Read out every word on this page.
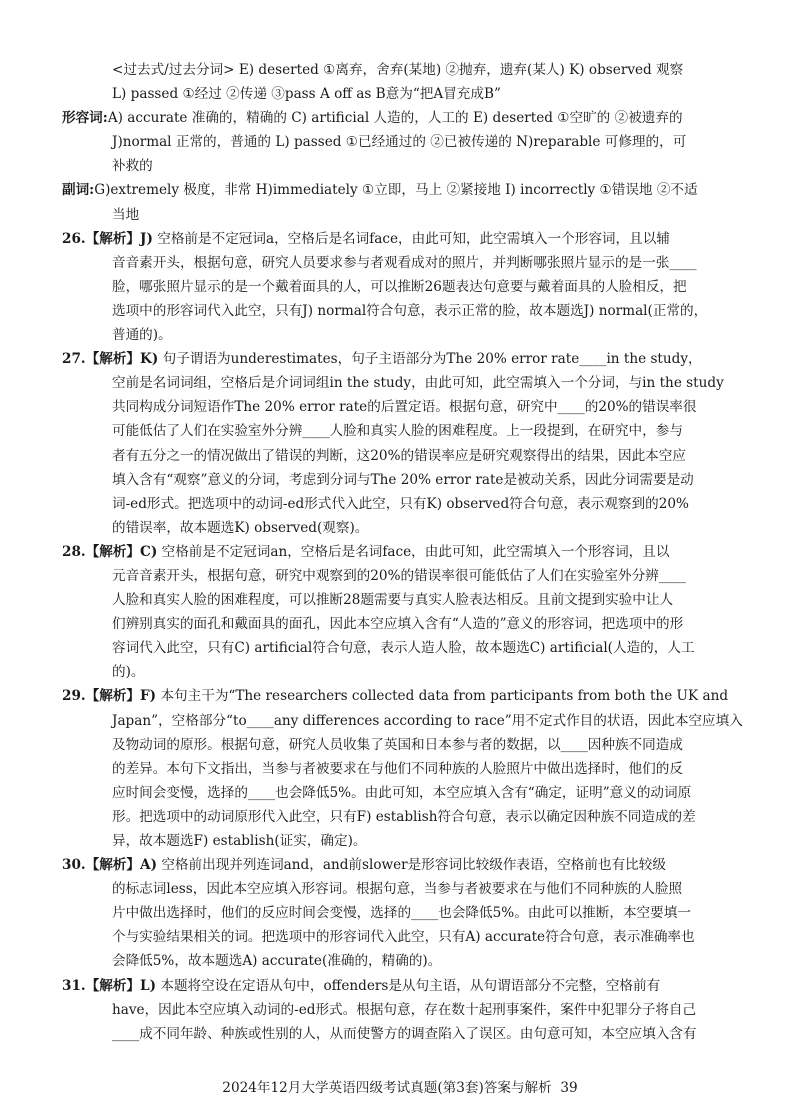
<过去式/过去分词> E) deserted ①离弃，舍弃(某地) ②抛弃，遗弃(某人) K) observed 观察
L) passed ①经过 ②传递 ③pass A off as B意为“把A冒充成B”
形容词:A) accurate 准确的，精确的 C) artificial 人造的，人工的 E) deserted ①空旷的 ②被遗弃的
J)normal 正常的，普通的 L) passed ①已经通过的 ②已被传递的 N)reparable 可修理的，可
补救的
副词:G)extremely 极度，非常 H)immediately ①立即，马上 ②紧接地 I) incorrectly ①错误地 ②不适
当地
26.【解析】J) 空格前是不定冠词a，空格后是名词face，由此可知，此空需填入一个形容词，且以辅
音音素开头，根据句意，研究人员要求参与者观看成对的照片，并判断哪张照片显示的是一张____
脸，哪张照片显示的是一个戴着面具的人，可以推断26题表达句意要与戴着面具的人脸相反，把
选项中的形容词代入此空，只有J) normal符合句意，表示正常的脸，故本题选J) normal(正常的，
普通的)。
27.【解析】K) 句子谓语为underestimates，句子主语部分为The 20% error rate____in the study，
空前是名词词组，空格后是介词词组in the study，由此可知，此空需填入一个分词，与in the study
共同构成分词短语作The 20% error rate的后置定语。根据句意，研究中____的20%的错误率很
可能低估了人们在实验室外分辨____人脸和真实人脸的困难程度。上一段提到，在研究中，参与
者有五分之一的情况做出了错误的判断，这20%的错误率应是研究观察得出的结果，因此本空应
填入含有“观察”意义的分词，考虑到分词与The 20% error rate是被动关系，因此分词需要是动
词-ed形式。把选项中的动词-ed形式代入此空，只有K) observed符合句意，表示观察到的20%
的错误率，故本题选K) observed(观察)。
28.【解析】C) 空格前是不定冠词an，空格后是名词face，由此可知，此空需填入一个形容词，且以
元音音素开头，根据句意，研究中观察到的20%的错误率很可能低估了人们在实验室外分辨____
人脸和真实人脸的困难程度，可以推断28题需要与真实人脸表达相反。且前文提到实验中让人
们辨别真实的面孔和戴面具的面孔，因此本空应填入含有“人造的”意义的形容词，把选项中的形
容词代入此空，只有C) artificial符合句意，表示人造人脸，故本题选C) artificial(人造的，人工
的)。
29.【解析】F) 本句主干为“The researchers collected data from participants from both the UK and
Japan”，空格部分“to____any differences according to race”用不定式作目的状语，因此本空应填入
及物动词的原形。根据句意，研究人员收集了英国和日本参与者的数据，以____因种族不同造成
的差异。本句下文指出，当参与者被要求在与他们不同种族的人脸照片中做出选择时，他们的反
应时间会变慢，选择的____也会降低5%。由此可知，本空应填入含有“确定，证明”意义的动词原
形。把选项中的动词原形代入此空，只有F) establish符合句意，表示以确定因种族不同造成的差
异，故本题选F) establish(证实，确定)。
30.【解析】A) 空格前出现并列连词and，and前slower是形容词比较级作表语，空格前也有比较级
的标志词less，因此本空应填入形容词。根据句意，当参与者被要求在与他们不同种族的人脸照
片中做出选择时，他们的反应时间会变慢，选择的____也会降低5%。由此可以推断，本空要填一
个与实验结果相关的词。把选项中的形容词代入此空，只有A) accurate符合句意，表示准确率也
会降低5%，故本题选A) accurate(准确的，精确的)。
31.【解析】L) 本题将空设在定语从句中，offenders是从句主语，从句谓语部分不完整，空格前有
have，因此本空应填入动词的-ed形式。根据句意，存在数十起刑事案件，案件中犯罪分子将自己
____成不同年龄、种族或性别的人，从而使警方的调查陷入了误区。由句意可知，本空应填入含有
2024年12月大学英语四级考试真题(第3套)答案与解析 39
